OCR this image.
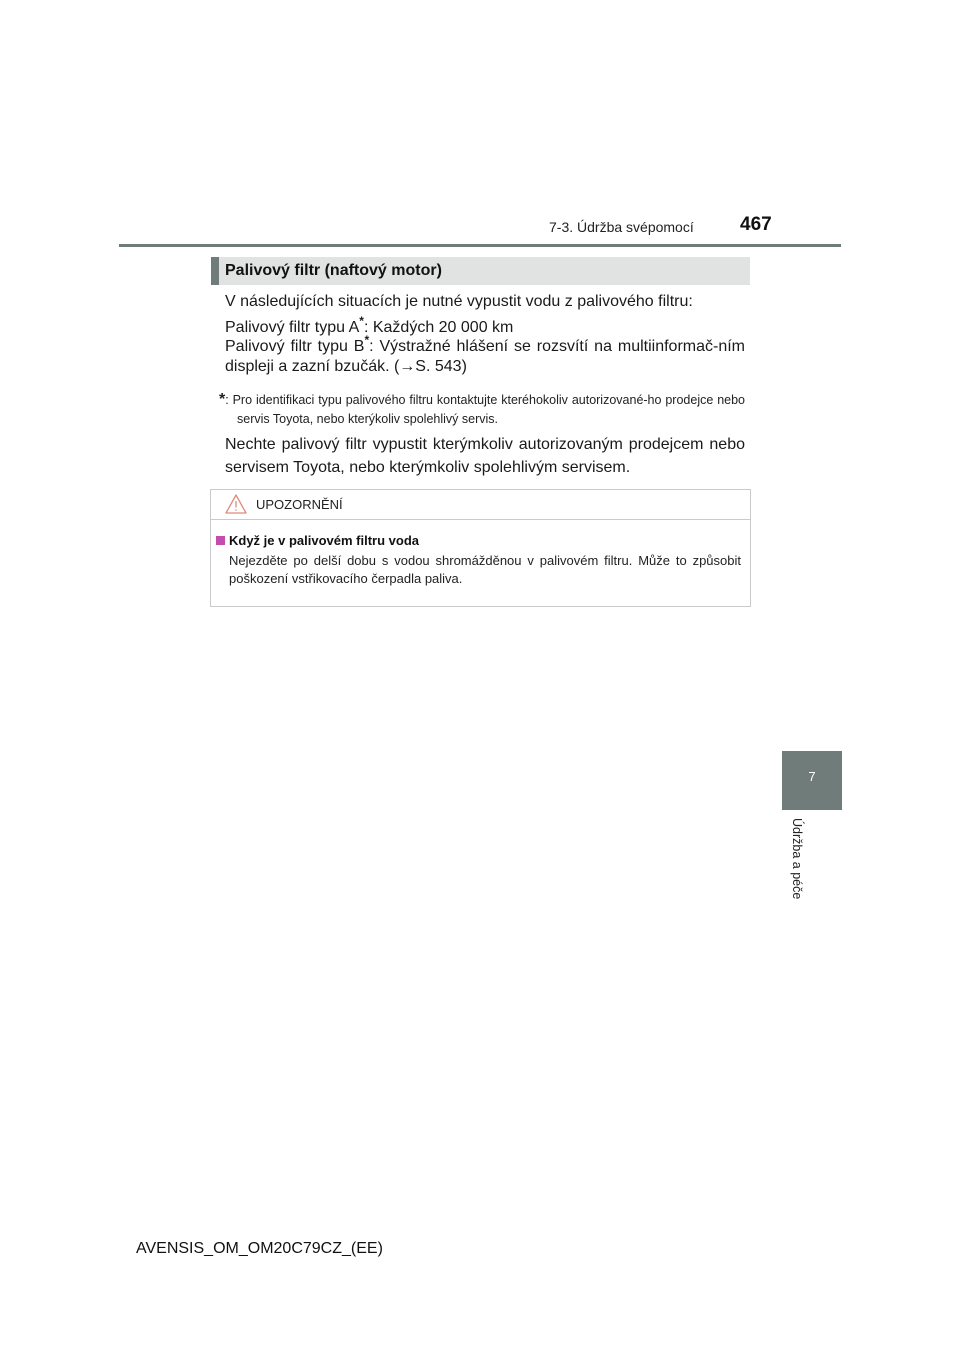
7-3. Údržba svépomocí 467
7
Údržba a péče
Palivový filtr (naftový motor)
V následujících situacích je nutné vypustit vodu z palivového filtru:
Palivový filtr typu A*: Každých 20 000 km
Palivový filtr typu B*: Výstražné hlášení se rozsvítí na multiinformač-ním displeji a zazní bzučák. (→S. 543)
*: Pro identifikaci typu palivového filtru kontaktujte kteréhokoliv autorizované-ho prodejce nebo servis Toyota, nebo kterýkoliv spolehlivý servis.
Nechte palivový filtr vypustit kterýmkoliv autorizovaným prodejcem nebo servisem Toyota, nebo kterýmkoliv spolehlivým servisem.
UPOZORNĚNÍ
Když je v palivovém filtru voda
Nejezděte po delší dobu s vodou shromážděnou v palivovém filtru. Může to způsobit poškození vstřikovacího čerpadla paliva.
AVENSIS_OM_OM20C79CZ_(EE)
